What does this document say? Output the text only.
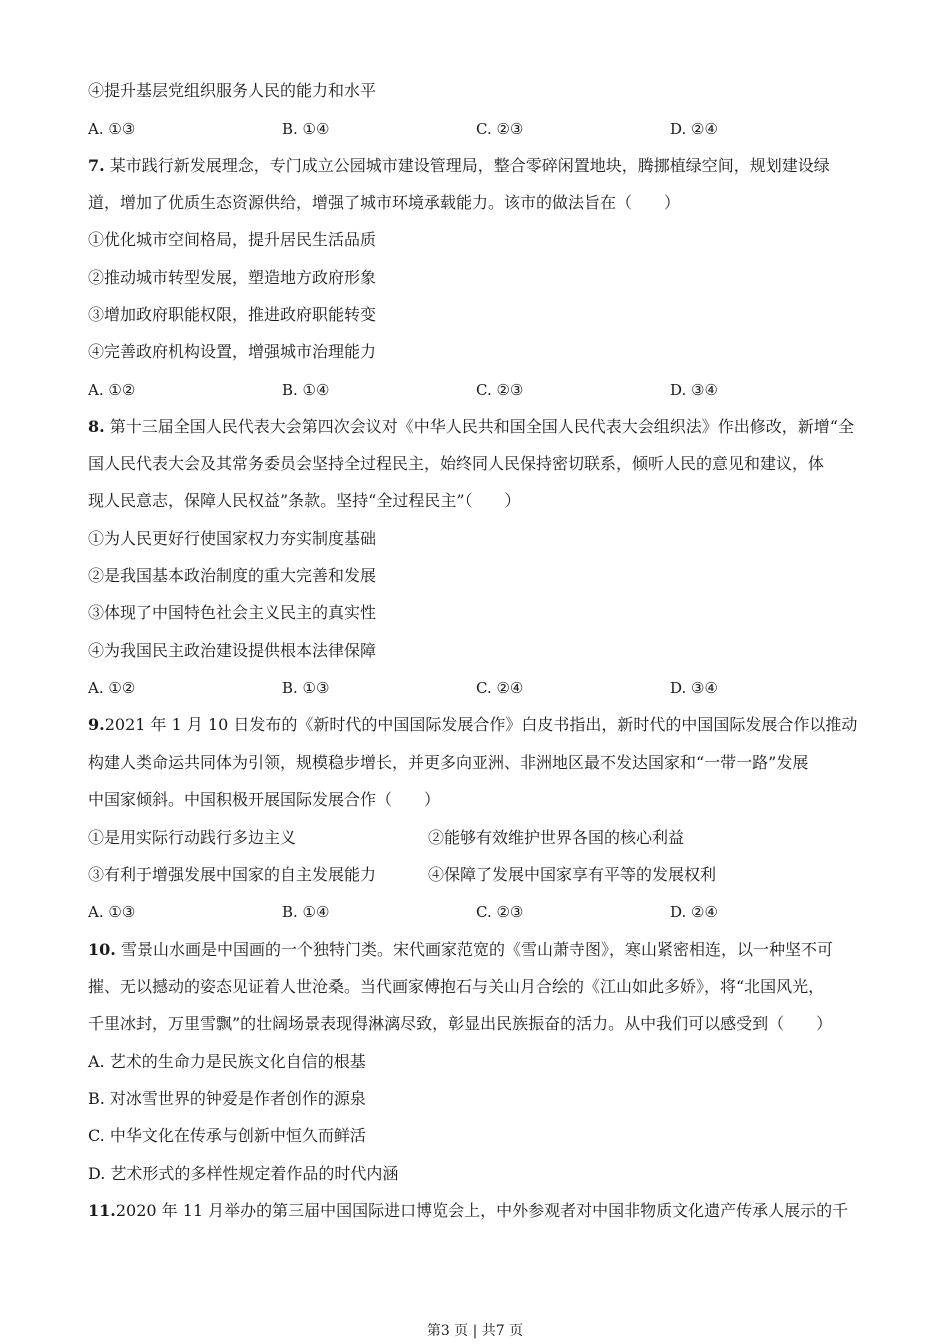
④提升基层党组织服务人民的能力和水平
A. ①③	B. ①④	C. ②③	D. ②④
7. 某市践行新发展理念，专门成立公园城市建设管理局，整合零碎闲置地块，腾挪植绿空间，规划建设绿
道，增加了优质生态资源供给，增强了城市环境承载能力。该市的做法旨在（　　）
①优化城市空间格局，提升居民生活品质
②推动城市转型发展，塑造地方政府形象
③增加政府职能权限，推进政府职能转变
④完善政府机构设置，增强城市治理能力
A. ①②	B. ①④	C. ②③	D. ③④
8. 第十三届全国人民代表大会第四次会议对《中华人民共和国全国人民代表大会组织法》作出修改，新增“全
国人民代表大会及其常务委员会坚持全过程民主，始终同人民保持密切联系，倾听人民的意见和建议，体
现人民意志，保障人民权益”条款。坚持“全过程民主”（　　）
①为人民更好行使国家权力夯实制度基础
②是我国基本政治制度的重大完善和发展
③体现了中国特色社会主义民主的真实性
④为我国民主政治建设提供根本法律保障
A. ①②	B. ①③	C. ②④	D. ③④
9.2021 年 1 月 10 日发布的《新时代的中国国际发展合作》白皮书指出，新时代的中国国际发展合作以推动
构建人类命运共同体为引领，规模稳步增长，并更多向亚洲、非洲地区最不发达国家和“一带一路”发展
中国家倾斜。中国积极开展国际发展合作（　　）
①是用实际行动践行多边主义	②能够有效维护世界各国的核心利益
③有利于增强发展中国家的自主发展能力	④保障了发展中国家享有平等的发展权利
A. ①③	B. ①④	C. ②③	D. ②④
10. 雪景山水画是中国画的一个独特门类。宋代画家范宽的《雪山萧寺图》，寒山紧密相连，以一种坚不可
摧、无以撼动的姿态见证着人世沧桑。当代画家傅抱石与关山月合绘的《江山如此多娇》，将“北国风光，
千里冰封，万里雪飘”的壮阔场景表现得淋漓尽致，彰显出民族振奋的活力。从中我们可以感受到（　　）
A. 艺术的生命力是民族文化自信的根基
B. 对冰雪世界的钟爱是作者创作的源泉
C. 中华文化在传承与创新中恒久而鲜活
D. 艺术形式的多样性规定着作品的时代内涵
11.2020 年 11 月举办的第三届中国国际进口博览会上，中外参观者对中国非物质文化遗产传承人展示的千
第3 页 | 共7 页
